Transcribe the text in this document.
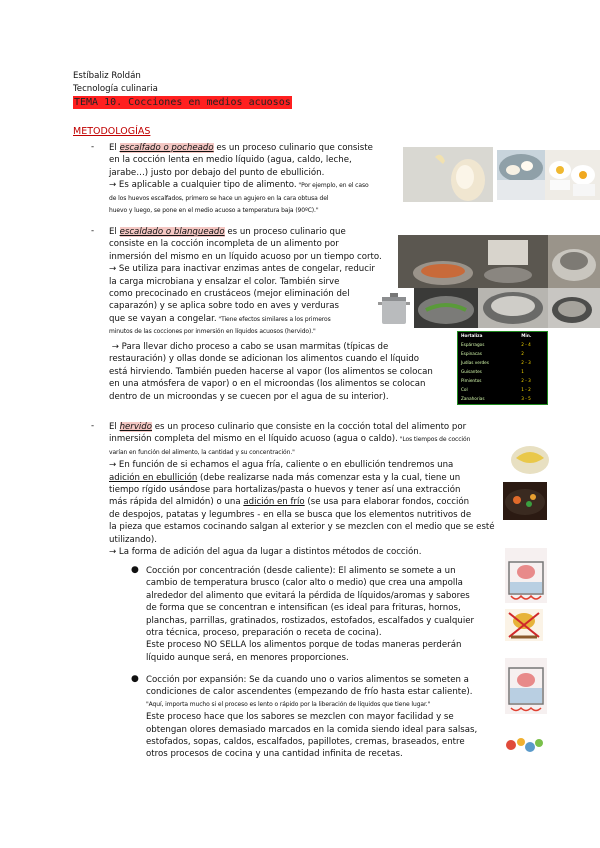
Estíbaliz Roldán
Tecnología culinaria
TEMA 10. Cocciones en medios acuosos
METODOLOGÍAS
- El escalfado o pocheado es un proceso culinario que consiste
en la cocción lenta en medio líquido (agua, caldo, leche,
jarabe…) justo por debajo del punto de ebullición.
→ Es aplicable a cualquier tipo de alimento. "Por ejemplo, en el caso
de los huevos escalfados, primero se hace un agujero en la cara obtusa del
huevo y luego, se pone en el medio acuoso a temperatura baja (90ºC)."
- El escaldado o blanqueado es un proceso culinario que
consiste en la cocción incompleta de un alimento por
inmersión del mismo en un líquido acuoso por un tiempo corto.
→ Se utiliza para inactivar enzimas antes de congelar, reducir
la carga microbiana y ensalzar el color. También sirve
como precocinado en crustáceos (mejor eliminación del
caparazón) y se aplica sobre todo en aves y verduras
que se vayan a congelar. "Tiene efectos similares a los primeros
minutos de las cocciones por inmersión en líquidos acuosos (hervido)."
→ Para llevar dicho proceso a cabo se usan marmitas (típicas de
restauración) y ollas donde se adicionan los alimentos cuando el líquido
está hirviendo. También pueden hacerse al vapor (los alimentos se colocan
en una atmósfera de vapor) o en el microondas (los alimentos se colocan
dentro de un microondas y se cuecen por el agua de su interior).
Hortaliza	Min.
Espárragos	2 - 4
Espinacas	2
Judías verdes	2 - 3
Guisantes	1
Pimientos	2 - 3
Col	1 - 2
Zanahorias	3 - 5
- El hervido es un proceso culinario que consiste en la cocción total del alimento por
inmersión completa del mismo en el líquido acuoso (agua o caldo). "Los tiempos de cocción
varían en función del alimento, la cantidad y su concentración."
→ En función de si echamos el agua fría, caliente o en ebullición tendremos una
adición en ebullición (debe realizarse nada más comenzar esta y la cual, tiene un
tiempo rígido usándose para hortalizas/pasta o huevos y tener así una extracción
más rápida del almidón) o una adición en frío (se usa para elaborar fondos, cocción
de despojos, patatas y legumbres - en ella se busca que los elementos nutritivos de
la pieza que estamos cocinando salgan al exterior y se mezclen con el medio que se esté
utilizando).
→ La forma de adición del agua da lugar a distintos métodos de cocción.
● Cocción por concentración (desde caliente): El alimento se somete a un
cambio de temperatura brusco (calor alto o medio) que crea una ampolla
alrededor del alimento que evitará la pérdida de líquidos/aromas y sabores
de forma que se concentran e intensifican (es ideal para frituras, hornos,
planchas, parrillas, gratinados, rostizados, estofados, escalfados y cualquier
otra técnica, proceso, preparación o receta de cocina).
Este proceso NO SELLA los alimentos porque de todas maneras perderán
líquido aunque será, en menores proporciones.
● Cocción por expansión: Se da cuando uno o varios alimentos se someten a
condiciones de calor ascendentes (empezando de frío hasta estar caliente).
"Aquí, importa mucho si el proceso es lento o rápido por la liberación de líquidos que tiene lugar."
Este proceso hace que los sabores se mezclen con mayor facilidad y se
obtengan olores demasiado marcados en la comida siendo ideal para salsas,
estofados, sopas, caldos, escalfados, papillotes, cremas, braseados, entre
otros procesos de cocina y una cantidad infinita de recetas.
